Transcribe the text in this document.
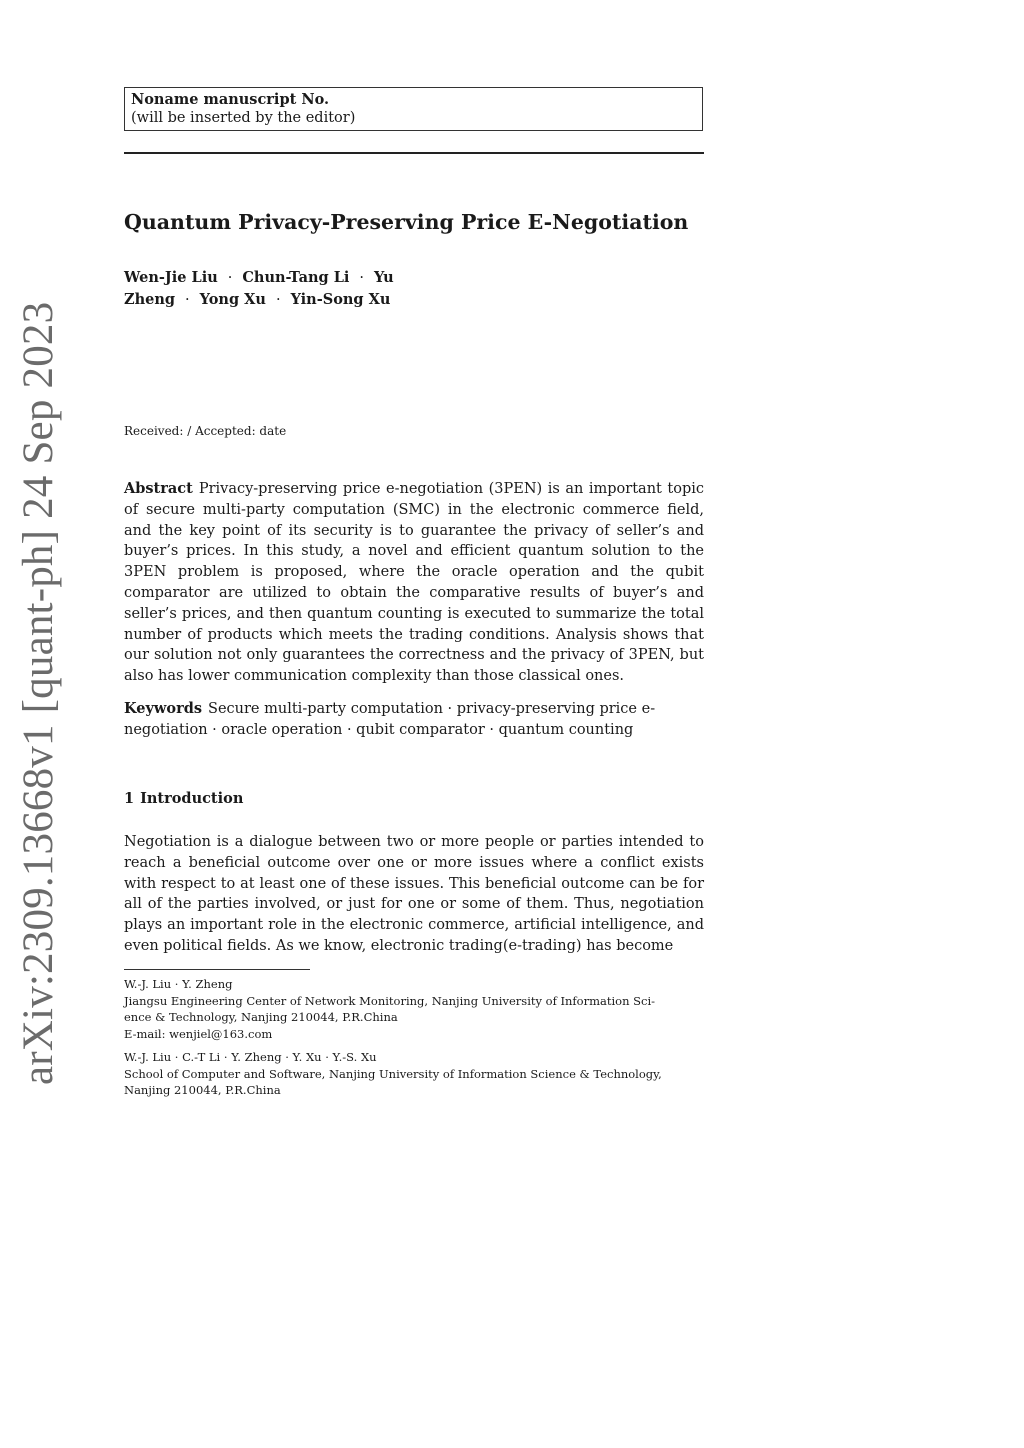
arXiv:2309.13668v1 [quant-ph] 24 Sep 2023
Noname manuscript No.
(will be inserted by the editor)
Quantum Privacy-Preserving Price E-Negotiation
Wen-Jie Liu · Chun-Tang Li · Yu
Zheng · Yong Xu · Yin-Song Xu
Received: / Accepted: date
Abstract Privacy-preserving price e-negotiation (3PEN) is an important topic of secure multi-party computation (SMC) in the electronic commerce field, and the key point of its security is to guarantee the privacy of seller’s and buyer’s prices. In this study, a novel and efficient quantum solution to the 3PEN problem is proposed, where the oracle operation and the qubit comparator are utilized to obtain the comparative results of buyer’s and seller’s prices, and then quantum counting is executed to summarize the total number of products which meets the trading conditions. Analysis shows that our solution not only guarantees the correctness and the privacy of 3PEN, but also has lower communication complexity than those classical ones.
Keywords Secure multi-party computation · privacy-preserving price e-negotiation · oracle operation · qubit comparator · quantum counting
1 Introduction
Negotiation is a dialogue between two or more people or parties intended to reach a beneficial outcome over one or more issues where a conflict exists with respect to at least one of these issues. This beneficial outcome can be for all of the parties involved, or just for one or some of them. Thus, negotiation plays an important role in the electronic commerce, artificial intelligence, and even political fields. As we know, electronic trading(e-trading) has become
W.-J. Liu · Y. Zheng
Jiangsu Engineering Center of Network Monitoring, Nanjing University of Information Sci-
ence & Technology, Nanjing 210044, P.R.China
E-mail: wenjiel@163.com
W.-J. Liu · C.-T Li · Y. Zheng · Y. Xu · Y.-S. Xu
School of Computer and Software, Nanjing University of Information Science & Technology,
Nanjing 210044, P.R.China
